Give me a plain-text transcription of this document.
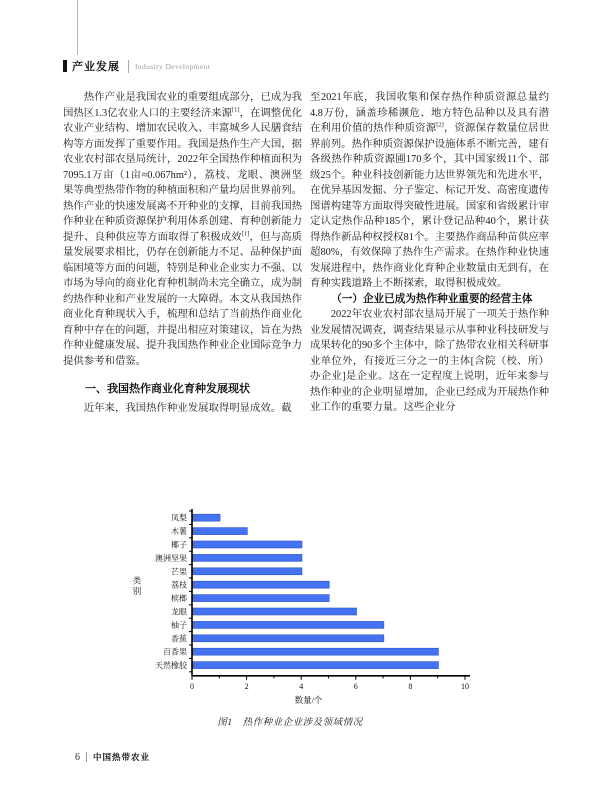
产业发展 Industry Development

热作产业是我国农业的重要组成部分，已成为我国热区1.3亿农业人口的主要经济来源[1]，在调整优化农业产业结构、增加农民收入、丰富城乡人民膳食结构等方面发挥了重要作用。我国是热作生产大国，据农业农村部农垦局统计，2022年全国热作种植面积为7095.1万亩（1亩≈0.067hm²），荔枝、龙眼、澳洲坚果等典型热带作物的种植面积和产量均居世界前列。热作产业的快速发展离不开种业的支撑，目前我国热作种业在种质资源保护利用体系创建、育种创新能力提升、良种供应等方面取得了积极成效[1]，但与高质量发展要求相比，仍存在创新能力不足、品种保护面临困境等方面的问题，特别是种业企业实力不强、以市场为导向的商业化育种机制尚未完全确立，成为制约热作种业和产业发展的一大障碍。本文从我国热作商业化育种现状入手，梳理和总结了当前热作商业化育种中存在的问题，并提出相应对策建议，旨在为热作种业健康发展、提升我国热作种业企业国际竞争力提供参考和借鉴。

一、我国热作商业化育种发展现状

近年来，我国热作种业发展取得明显成效。截

至2021年底，我国收集和保存热作种质资源总量约4.8万份，涵盖珍稀濒危、地方特色品种以及具有潜在利用价值的热作种质资源[2]，资源保存数量位居世界前列。热作种质资源保护设施体系不断完善，建有各级热作种质资源圃170多个，其中国家级11个、部级25个。种业科技创新能力达世界领先和先进水平，在优异基因发掘、分子鉴定、标记开发、高密度遗传图谱构建等方面取得突破性进展。国家和省级累计审定认定热作品种185个，累计登记品种40个，累计获得热作新品种权授权81个。主要热作商品种苗供应率超80%，有效保障了热作生产需求。在热作种业快速发展进程中，热作商业化育种企业数量由无到有，在育种实践道路上不断探索，取得积极成效。

（一）企业已成为热作种业重要的经营主体

2022年农业农村部农垦局开展了一项关于热作种业发展情况调查，调查结果显示从事种业科技研发与成果转化的90多个主体中，除了热带农业相关科研事业单位外，有接近三分之一的主体[含院（校、所）办企业]是企业。这在一定程度上说明，近年来参与热作种业的企业明显增加，企业已经成为开展热作种业工作的重要力量。这些企业分

凤梨
木薯
椰子
澳洲坚果
芒果
荔枝
槟榔
龙眼
柚子
香蕉
百香果
天然橡胶
0	2	4	6	8	10
数量/个
类别
图1 热作种业企业涉及领域情况
6 中国热带农业
